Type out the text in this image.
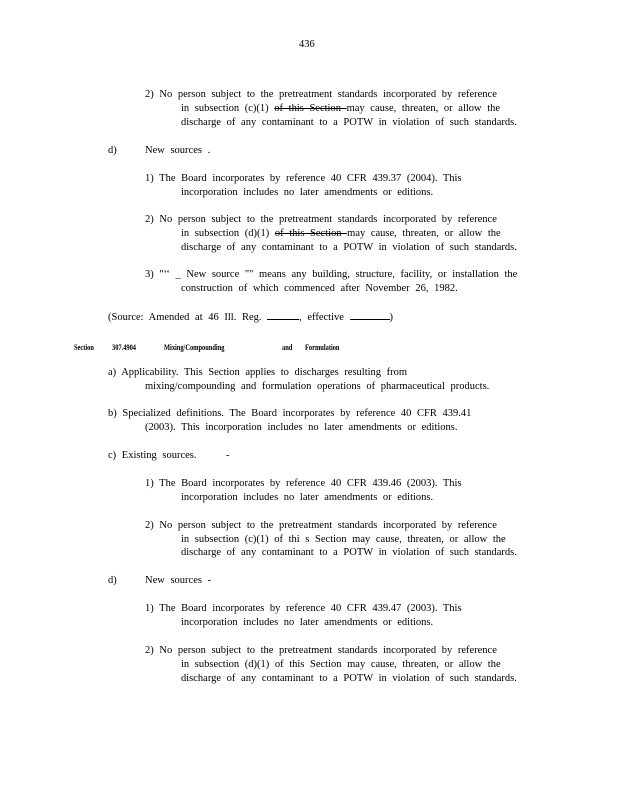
436
2) No person subject to the pretreatment standards incorporated by reference
in subsection (c)(1) of this Section may cause, threaten, or allow the
discharge of any contaminant to a POTW in violation of such standards.
d)	New sources .
1) The Board incorporates by reference 40 CFR 439.37 (2004). This
incorporation includes no later amendments or editions.
2) No person subject to the pretreatment standards incorporated by reference
in subsection (d)(1) of this Section may cause, threaten, or allow the
discharge of any contaminant to a POTW in violation of such standards.
3) "‘‘ _ New source "" means any building, structure, facility, or installation the
construction of which commenced after November 26, 1982.
(Source: Amended at 46 Ill. Reg.	, effective	)
Section 307.4904	Mixing/Compounding	and Formulation
a) Applicability. This Section applies to discharges resulting from
mixing/compounding and formulation operations of pharmaceutical products.
b) Specialized definitions. The Board incorporates by reference 40 CFR 439.41
(2003). This incorporation includes no later amendments or editions.
c) Existing sources.	-
1) The Board incorporates by reference 40 CFR 439.46 (2003). This
incorporation includes no later amendments or editions.
2) No person subject to the pretreatment standards incorporated by reference
in subsection (c)(1) of thi s Section may cause, threaten, or allow the
discharge of any contaminant to a POTW in violation of such standards.
d)	New sources -
1) The Board incorporates by reference 40 CFR 439.47 (2003). This
incorporation includes no later amendments or editions.
2) No person subject to the pretreatment standards incorporated by reference
in subsection (d)(1) of this Section may cause, threaten, or allow the
discharge of any contaminant to a POTW in violation of such standards.
